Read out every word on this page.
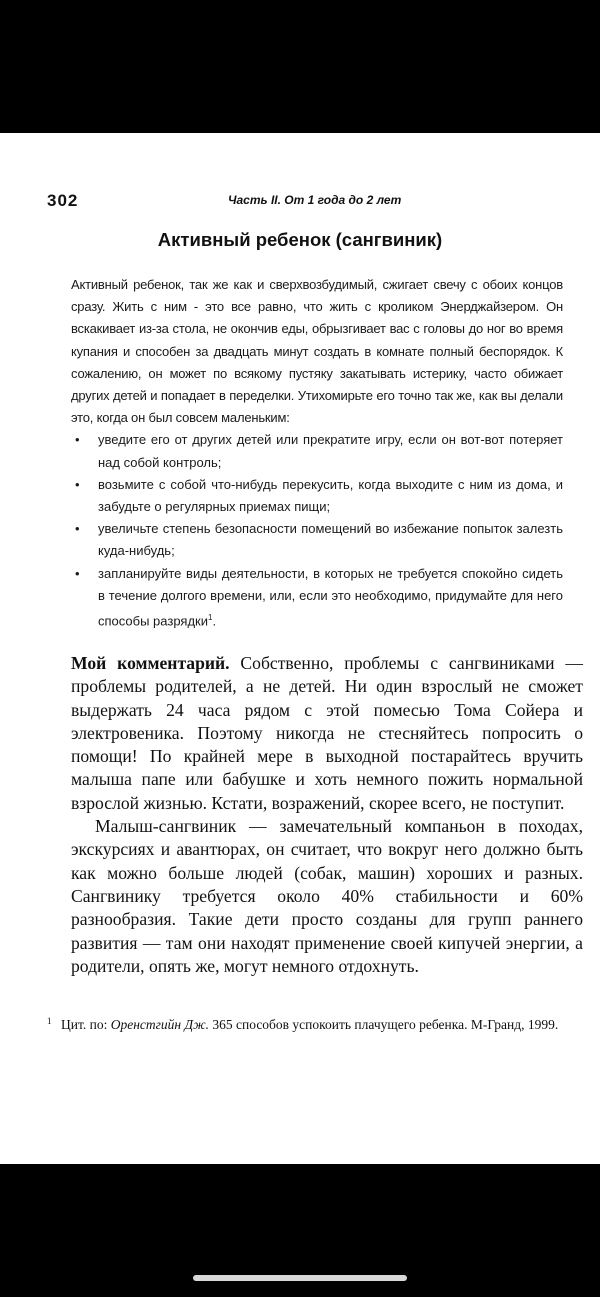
302	Часть II. От 1 года до 2 лет
Активный ребенок (сангвиник)

Активный ребенок, так же как и сверхвозбудимый, сжигает свечу с обоих концов сразу. Жить с ним - это все равно, что жить с кроликом Энерджайзером. Он вскакивает из-за стола, не окончив еды, обрызгивает вас с головы до ног во время купания и способен за двадцать минут создать в комнате полный беспорядок. К сожалению, он может по всякому пустяку закатывать истерику, часто обижает других детей и попадает в переделки. Утихомирьте его точно так же, как вы делали это, когда он был совсем маленьким:

• уведите его от других детей или прекратите игру, если он вот-вот потеряет над собой контроль;
• возьмите с собой что-нибудь перекусить, когда выходите с ним из дома, и забудьте о регулярных приемах пищи;
• увеличьте степень безопасности помещений во избежание попыток залезть куда-нибудь;
• запланируйте виды деятельности, в которых не требуется спокойно сидеть в течение долгого времени, или, если это необходимо, придумайте для него способы разрядки$^1$.

Мой комментарий. Собственно, проблемы с сангвиниками — проблемы родителей, а не детей. Ни один взрослый не сможет выдержать 24 часа рядом с этой помесью Тома Сойера и электровеника. Поэтому никогда не стесняйтесь попросить о помощи! По крайней мере в выходной постарайтесь вручить малыша папе или бабушке и хоть немного пожить нормальной взрослой жизнью. Кстати, возражений, скорее всего, не поступит.

Малыш-сангвиник — замечательный компаньон в походах, экскурсиях и авантюрах, он считает, что вокруг него должно быть как можно больше людей (собак, машин) хороших и разных. Сангвинику требуется около 40% стабильности и 60% разнообразия. Такие дети просто созданы для групп раннего развития — там они находят применение своей кипучей энергии, а родители, опять же, могут немного отдохнуть.

1 Цит. по: Оренстгийн Дж. 365 способов успокоить плачущего ребенка. М-Гранд, 1999.
